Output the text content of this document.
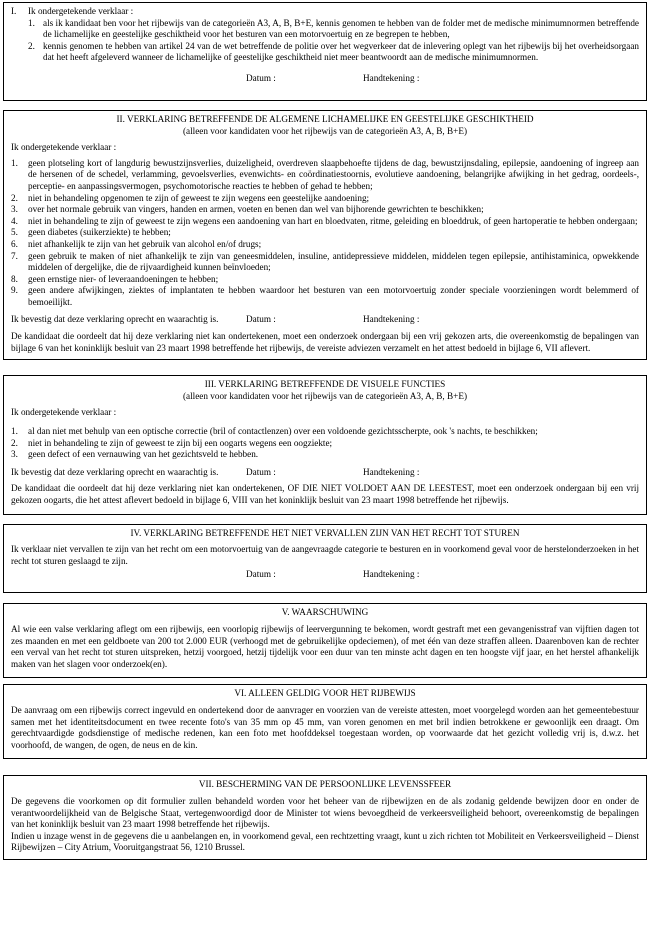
I.	Ik ondergetekende verklaar :
1. als ik kandidaat ben voor het rijbewijs van de categorieën A3, A, B, B+E, kennis genomen te hebben van de folder met de medische minimumnormen betreffende de lichamelijke en geestelijke geschiktheid voor het besturen van een motorvoertuig en ze begrepen te hebben,
2. kennis genomen te hebben van artikel 24 van de wet betreffende de politie over het wegverkeer dat de inlevering oplegt van het rijbewijs bij het overheidsorgaan dat het heeft afgeleverd wanneer de lichamelijke of geestelijke geschiktheid niet meer beantwoordt aan de medische minimumnormen.
Datum :	Handtekening :
II. VERKLARING BETREFFENDE DE ALGEMENE LICHAMELIJKE EN GEESTELIJKE GESCHIKTHEID
(alleen voor kandidaten voor het rijbewijs van de categorieën A3, A, B, B+E)
Ik ondergetekende verklaar :
1.	geen plotseling kort of langdurig bewustzijnsverlies, duizeligheid, overdreven slaapbehoefte tijdens de dag, bewustzijnsdaling, epilepsie, aandoening of ingreep aan de hersenen of de schedel, verlamming, gevoelsverlies, evenwichts- en coördinatiestoornis, evolutieve aandoening, belangrijke afwijking in het gedrag, oordeels-, perceptie- en aanpassingsvermogen, psychomotorische reacties te hebben of gehad te hebben;
2.	niet in behandeling opgenomen te zijn of geweest te zijn wegens een geestelijke aandoening;
3.	over het normale gebruik van vingers, handen en armen, voeten en benen dan wel van bijhorende gewrichten te beschikken;
4.	niet in behandeling te zijn of geweest te zijn wegens een aandoening van hart en bloedvaten, ritme, geleiding en bloeddruk, of geen hartoperatie te hebben ondergaan;
5.	geen diabetes (suikerziekte) te hebben;
6.	niet afhankelijk te zijn van het gebruik van alcohol en/of drugs;
7.	geen gebruik te maken of niet afhankelijk te zijn van geneesmiddelen, insuline, antidepressieve middelen, middelen tegen epilepsie, antihistaminica, opwekkende middelen of dergelijke, die de rijvaardigheid kunnen beïnvloeden;
8.	geen ernstige nier- of leveraandoeningen te hebben;
9.	geen andere afwijkingen, ziektes of implantaten te hebben waardoor het besturen van een motorvoertuig zonder speciale voorzieningen wordt belemmerd of bemoeilijkt.
Ik bevestig dat deze verklaring oprecht en waarachtig is.	Datum :	Handtekening :
De kandidaat die oordeelt dat hij deze verklaring niet kan ondertekenen, moet een onderzoek ondergaan bij een vrij gekozen arts, die overeenkomstig de bepalingen van bijlage 6 van het koninklijk besluit van 23 maart 1998 betreffende het rijbewijs, de vereiste adviezen verzamelt en het attest bedoeld in bijlage 6, VII aflevert.
III. VERKLARING BETREFFENDE DE VISUELE FUNCTIES
(alleen voor kandidaten voor het rijbewijs van de categorieën A3, A, B, B+E)
Ik ondergetekende verklaar :
1.	al dan niet met behulp van een optische correctie (bril of contactlenzen) over een voldoende gezichtsscherpte, ook 's nachts, te beschikken;
2.	niet in behandeling te zijn of geweest te zijn bij een oogarts wegens een oogziekte;
3.	geen defect of een vernauwing van het gezichtsveld te hebben.
Ik bevestig dat deze verklaring oprecht en waarachtig is.	Datum :	Handtekening :
De kandidaat die oordeelt dat hij deze verklaring niet kan ondertekenen, OF DIE NIET VOLDOET AAN DE LEESTEST, moet een onderzoek ondergaan bij een vrij gekozen oogarts, die het attest aflevert bedoeld in bijlage 6, VIII van het koninklijk besluit van 23 maart 1998 betreffende het rijbewijs.
IV. VERKLARING BETREFFENDE HET NIET VERVALLEN ZIJN VAN HET RECHT TOT STUREN
Ik verklaar niet vervallen te zijn van het recht om een motorvoertuig van de aangevraagde categorie te besturen en in voorkomend geval voor de herstelonderzoeken in het recht tot sturen geslaagd te zijn.
Datum :	Handtekening :
V. WAARSCHUWING
Al wie een valse verklaring aflegt om een rijbewijs, een voorlopig rijbewijs of leervergunning te bekomen, wordt gestraft met een gevangenisstraf van vijftien dagen tot zes maanden en met een geldboete van 200 tot 2.000 EUR (verhoogd met de gebruikelijke opdeciemen), of met één van deze straffen alleen. Daarenboven kan de rechter een verval van het recht tot sturen uitspreken, hetzij voorgoed, hetzij tijdelijk voor een duur van ten minste acht dagen en ten hoogste vijf jaar, en het herstel afhankelijk maken van het slagen voor onderzoek(en).
VI. ALLEEN GELDIG VOOR HET RIJBEWIJS
De aanvraag om een rijbewijs correct ingevuld en ondertekend door de aanvrager en voorzien van de vereiste attesten, moet voorgelegd worden aan het gemeentebestuur samen met het identiteitsdocument en twee recente foto's van 35 mm op 45 mm, van voren genomen en met bril indien betrokkene er gewoonlijk een draagt. Om gerechtvaardigde godsdienstige of medische redenen, kan een foto met hoofddeksel toegestaan worden, op voorwaarde dat het gezicht volledig vrij is, d.w.z. het voorhoofd, de wangen, de ogen, de neus en de kin.
VII. BESCHERMING VAN DE PERSOONLIJKE LEVENSSFEER
De gegevens die voorkomen op dit formulier zullen behandeld worden voor het beheer van de rijbewijzen en de als zodanig geldende bewijzen door en onder de verantwoordelijkheid van de Belgische Staat, vertegenwoordigd door de Minister tot wiens bevoegdheid de verkeersveiligheid behoort, overeenkomstig de bepalingen van het koninklijk besluit van 23 maart 1998 betreffende het rijbewijs.
Indien u inzage wenst in de gegevens die u aanbelangen en, in voorkomend geval, een rechtzetting vraagt, kunt u zich richten tot Mobiliteit en Verkeersveiligheid – Dienst Rijbewijzen – City Atrium, Vooruitgangstraat 56, 1210 Brussel.
